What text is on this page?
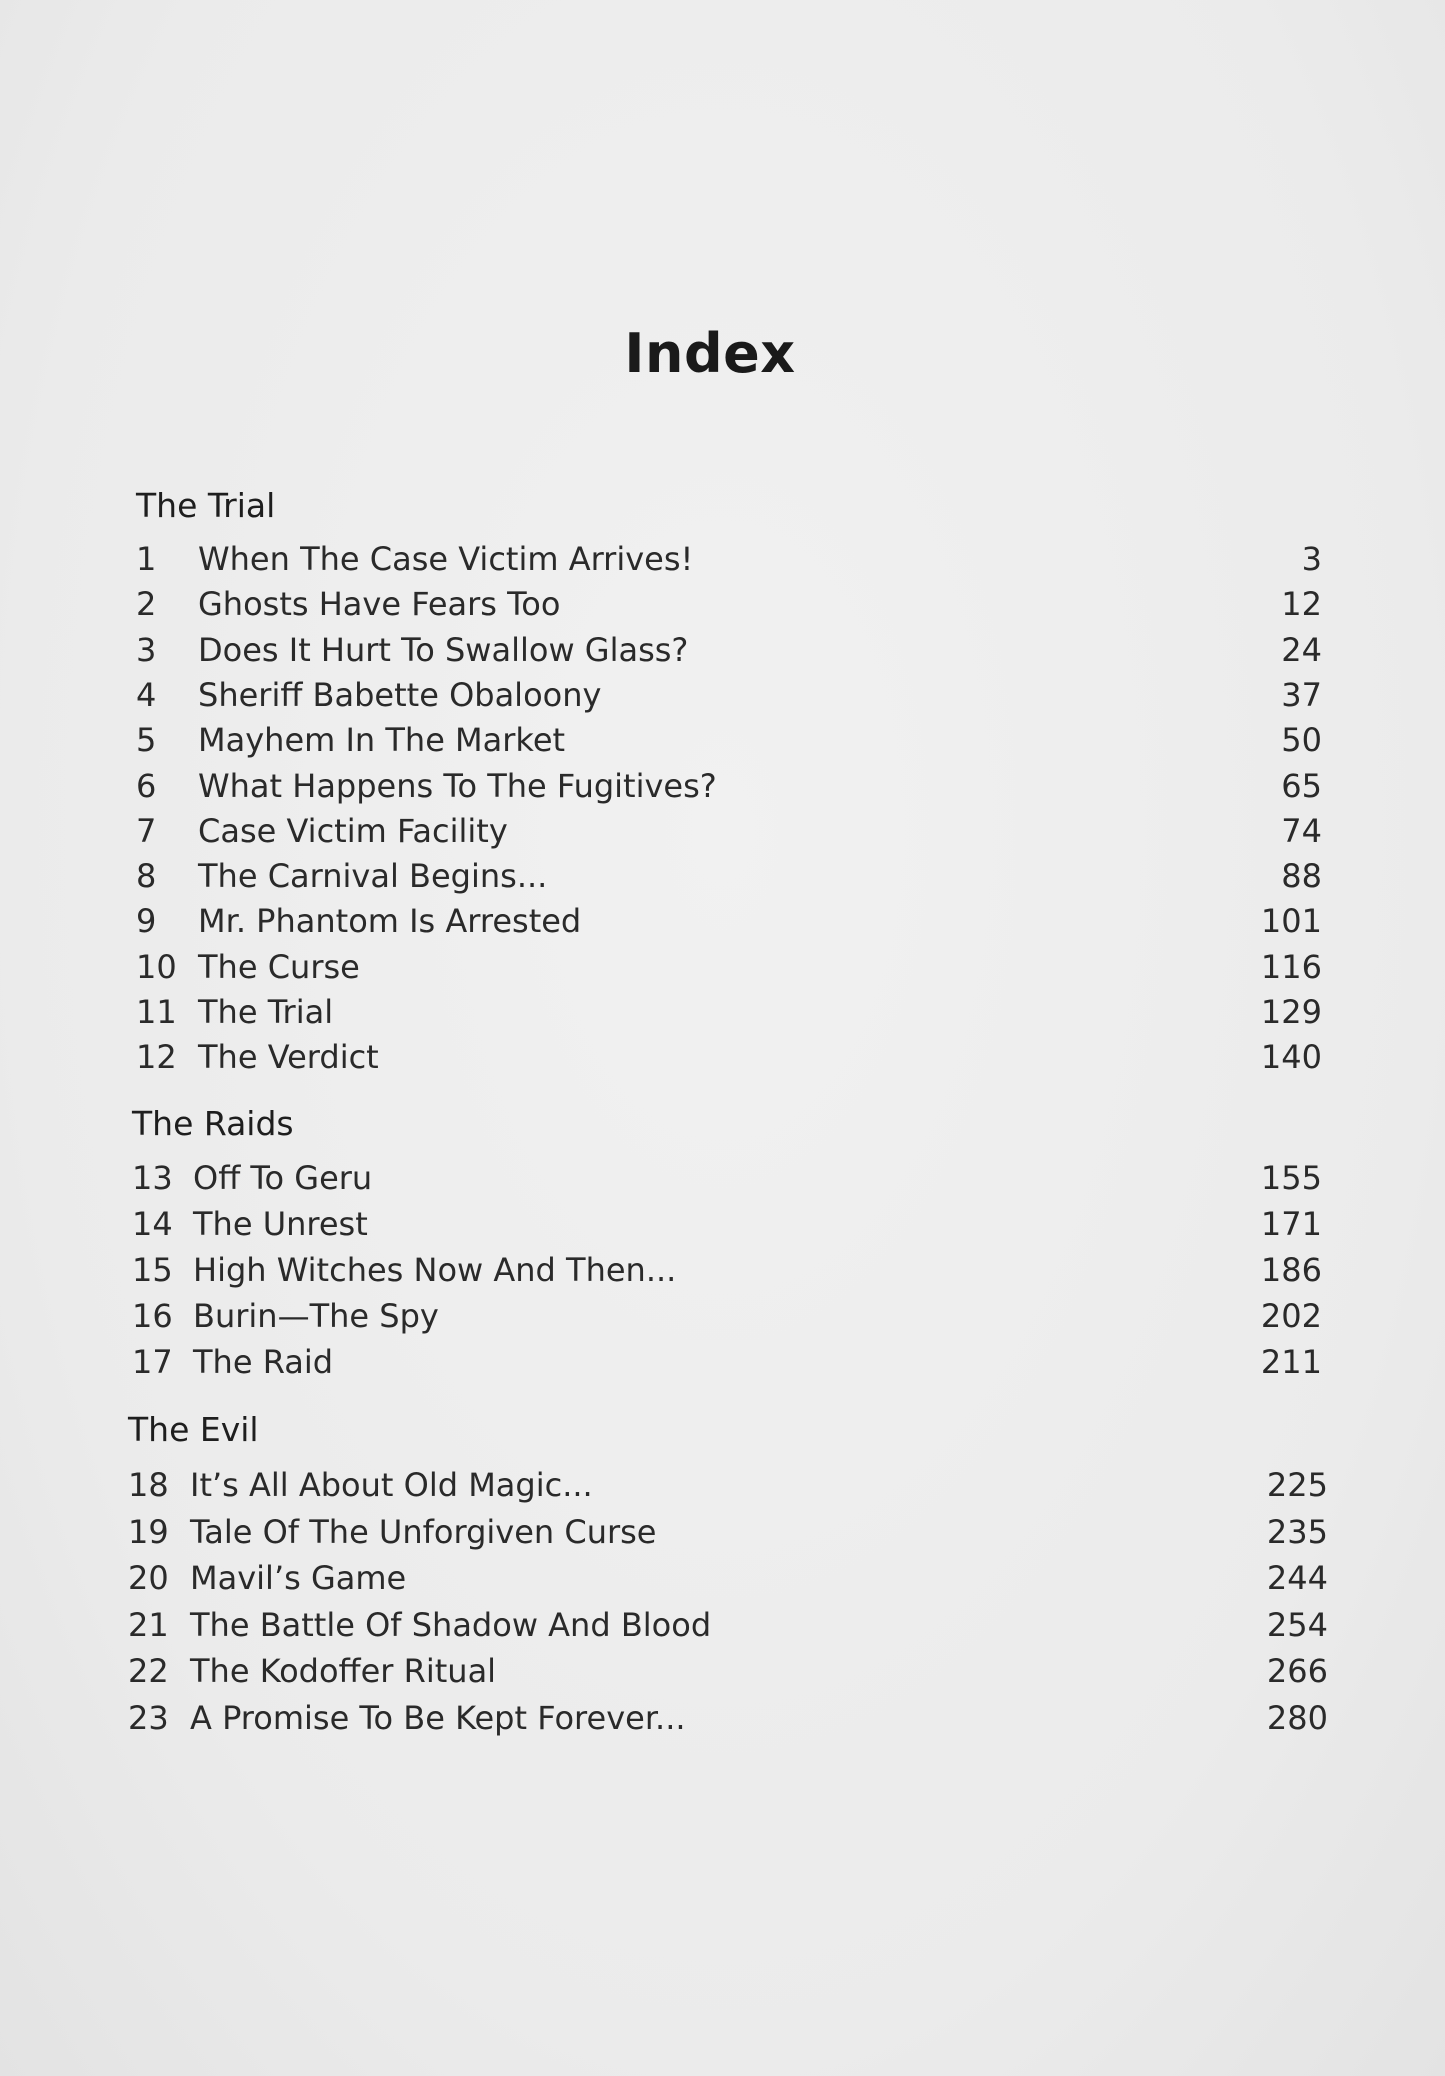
Index
The Trial
1 When The Case Victim Arrives!	3
2 Ghosts Have Fears Too	12
3 Does It Hurt To Swallow Glass?	24
4 Sheriff Babette Obaloony	37
5 Mayhem In The Market	50
6 What Happens To The Fugitives?	65
7 Case Victim Facility	74
8 The Carnival Begins...	88
9 Mr. Phantom Is Arrested	101
10 The Curse	116
11 The Trial	129
12 The Verdict	140
The Raids
13 Off To Geru	155
14 The Unrest	171
15 High Witches Now And Then...	186
16 Burin—The Spy	202
17 The Raid	211
The Evil
18 It’s All About Old Magic...	225
19 Tale Of The Unforgiven Curse	235
20 Mavil’s Game	244
21 The Battle Of Shadow And Blood	254
22 The Kodoffer Ritual	266
23 A Promise To Be Kept Forever...	280
